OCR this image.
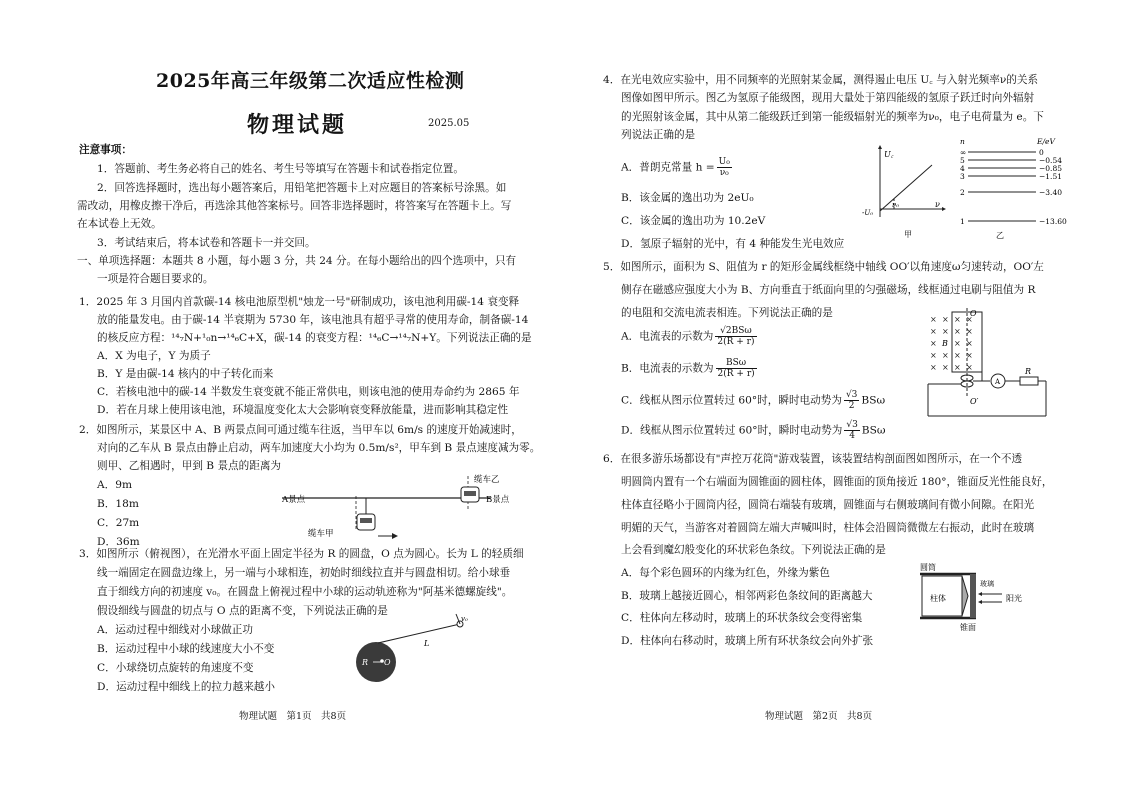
2025年高三年级第二次适应性检测
物理试题	2025.05
注意事项：
1．答题前、考生务必将自己的姓名、考生号等填写在答题卡和试卷指定位置。
2．回答选择题时，选出每小题答案后，用铅笔把答题卡上对应题目的答案标号涂黑。如
需改动，用橡皮擦干净后，再选涂其他答案标号。回答非选择题时，将答案写在答题卡上。写
在本试卷上无效。
3．考试结束后，将本试卷和答题卡一并交回。
一、单项选择题：本题共 8 小题，每小题 3 分，共 24 分。在每小题给出的四个选项中，只有
一项是符合题目要求的。
1．2025 年 3 月国内首款碳-14 核电池原型机"烛龙一号"研制成功，该电池利用碳-14 衰变释
放的能量发电。由于碳-14 半衰期为 5730 年，该电池具有超乎寻常的使用寿命，制备碳-14
的核反应方程：¹⁴₇N+¹₀n→¹⁴₆C+X，碳-14 的衰变方程：¹⁴₆C→¹⁴₇N+Y。下列说法正确的是
A．X 为电子，Y 为质子
B．Y 是由碳-14 核内的中子转化而来
C．若核电池中的碳-14 半数发生衰变就不能正常供电，则该电池的使用寿命约为 2865 年
D．若在月球上使用该电池，环境温度变化太大会影响衰变释放能量，进而影响其稳定性
2．如图所示，某景区中 A、B 两景点间可通过缆车往返，当甲车以 6m/s 的速度开始减速时，
对向的乙车从 B 景点由静止启动，两车加速度大小均为 0.5m/s²，甲车到 B 景点速度减为零。
则甲、乙相遇时，甲到 B 景点的距离为
A．9m
B．18m
C．27m
D．36m
A景点	B景点
缆车乙
缆车甲
3．如图所示（俯视图），在光滑水平面上固定半径为 R 的圆盘，O 点为圆心。长为 L 的轻质细
线一端固定在圆盘边缘上，另一端与小球相连，初始时细线拉直并与圆盘相切。给小球垂
直于细线方向的初速度 v₀。在圆盘上俯视过程中小球的运动轨迹称为"阿基米德螺旋线"。
假设细线与圆盘的切点与 O 点的距离不变，下列说法正确的是
A．运动过程中细线对小球做正功
B．运动过程中小球的线速度大小不变
C．小球绕切点旋转的角速度不变
D．运动过程中细线上的拉力越来越小
R O
L
v₀
物理试题　第1页　共8页
4．在光电效应实验中，用不同频率的光照射某金属，测得遏止电压 U꜀ 与入射光频率ν的关系
图像如图甲所示。图乙为氢原子能级图，现用大量处于第四能级的氢原子跃迁时向外辐射
的光照射该金属，其中从第二能级跃迁到第一能级辐射光的频率为ν₀，电子电荷量为 e。下
列说法正确的是
A．普朗克常量 $h = \frac{\text{U₀}}{\text{ν₀}}$
B．该金属的逸出功为 2eU₀
C．该金属的逸出功为 10.2eV
D．氢原子辐射的光中，有 4 种能发生光电效应
U꜀
ν
ν₀
-U₀
甲
n	E/eV
∞	0
5	−0.54
4	−0.85
3	−1.51
2	−3.40
1	−13.60
乙
5．如图所示，面积为 S、阻值为 r 的矩形金属线框绕中轴线 OO′以角速度ω匀速转动，OO′左
侧存在磁感应强度大小为 B、方向垂直于纸面向里的匀强磁场，线框通过电刷与阻值为 R
的电阻和交流电流表相连。下列说法正确的是
A．电流表的示数为 $\frac{\text{√2BSω}}{2(R + r)}$
B．电流表的示数为 $\frac{\text{BSω}}{2(R + r)}$
C．线框从图示位置转过 60°时，瞬时电动势为 $\frac{√3}{2}$ BSω
D．线框从图示位置转过 60°时，瞬时电动势为 $\frac{√3}{4}$ BSω
× × × ×
× × × ×
× × ×
× × × ×
× × × ×
O
O′
B
A
R
6．在很多游乐场都设有"声控万花筒"游戏装置，该装置结构剖面图如图所示，在一个不透
明圆筒内置有一个右端面为圆锥面的圆柱体，圆锥面的顶角接近 180°，锥面反光性能良好，
柱体直径略小于圆筒内径，圆筒右端装有玻璃，圆锥面与右侧玻璃间有微小间隙。在阳光
明媚的天气，当游客对着圆筒左端大声喊叫时，柱体会沿圆筒微微左右振动，此时在玻璃
上会看到魔幻般变化的环状彩色条纹。下列说法正确的是
A．每个彩色圆环的内缘为红色，外缘为紫色
B．玻璃上越接近圆心，相邻两彩色条纹间的距离越大
C．柱体向左移动时，玻璃上的环状条纹会变得密集
D．柱体向右移动时，玻璃上所有环状条纹会向外扩张
圆筒
柱体
玻璃
阳光
锥面
物理试题　第2页　共8页
